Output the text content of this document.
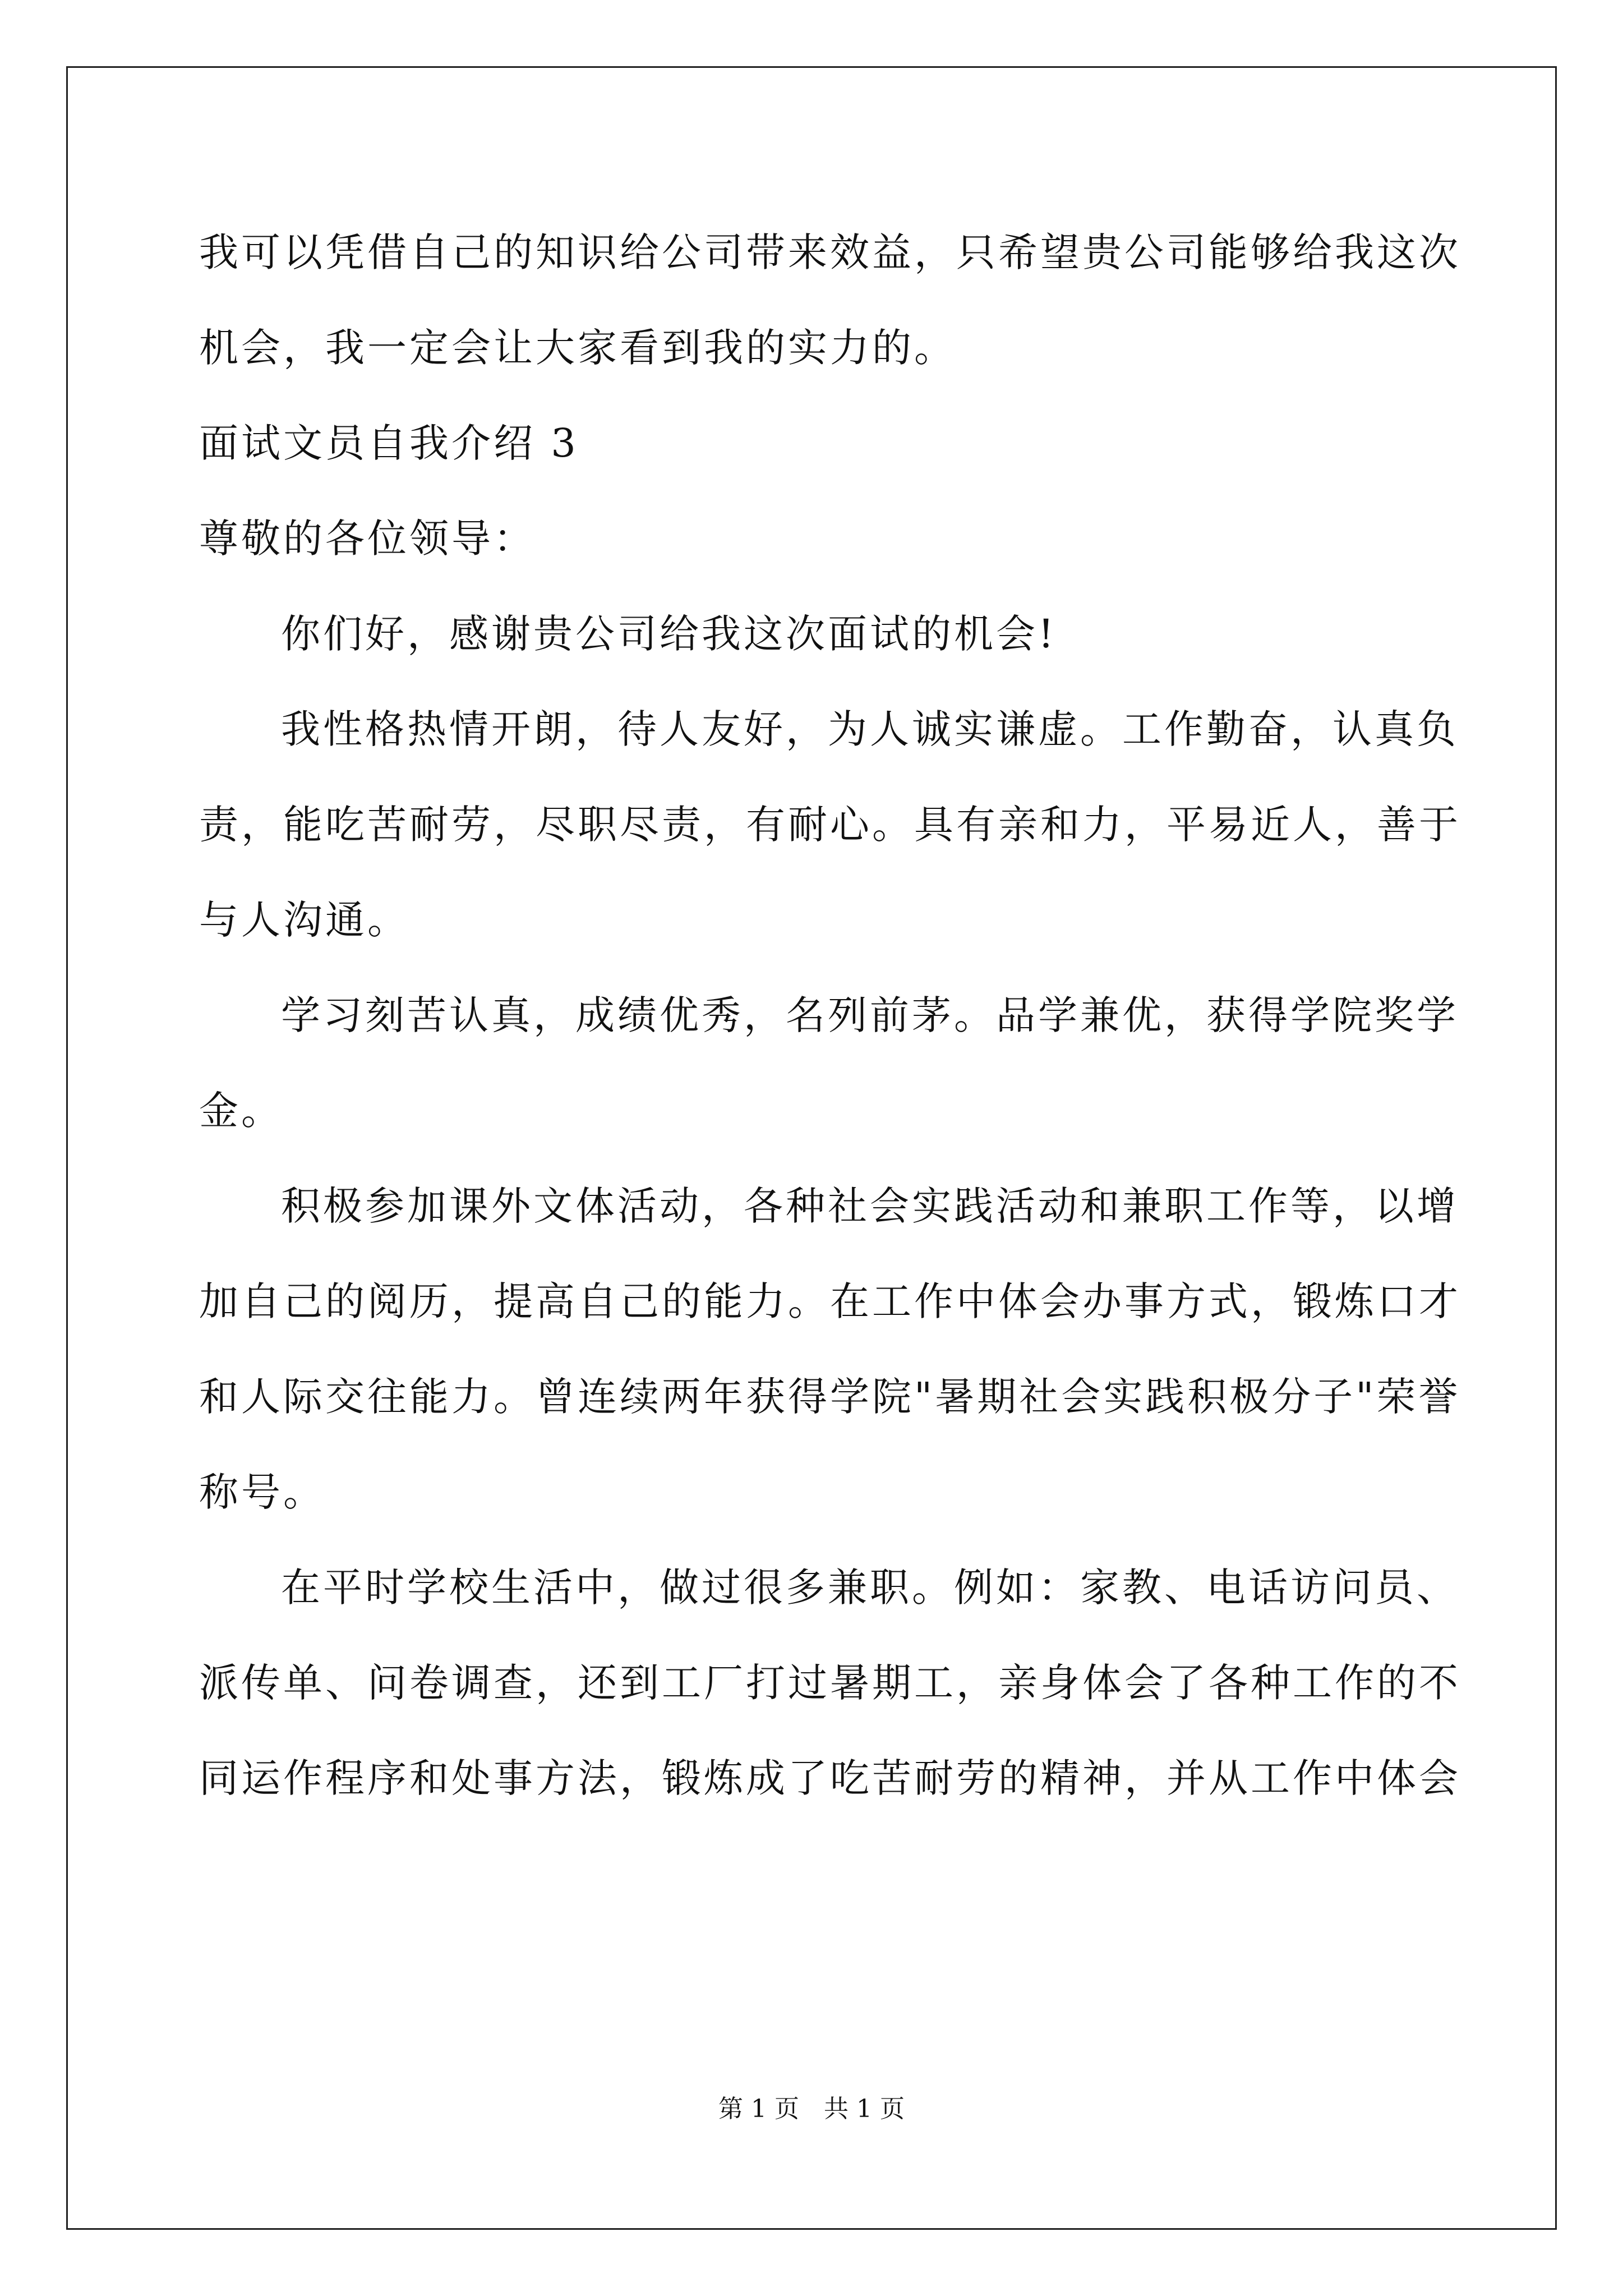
我可以凭借自己的知识给公司带来效益，只希望贵公司能够给我这次
机会，我一定会让大家看到我的实力的。
面试文员自我介绍 3
尊敬的各位领导：
你们好，感谢贵公司给我这次面试的机会!
我性格热情开朗，待人友好，为人诚实谦虚。工作勤奋，认真负
责，能吃苦耐劳，尽职尽责，有耐心。具有亲和力，平易近人，善于
与人沟通。
学习刻苦认真，成绩优秀，名列前茅。品学兼优，获得学院奖学
金。
积极参加课外文体活动，各种社会实践活动和兼职工作等，以增
加自己的阅历，提高自己的能力。在工作中体会办事方式，锻炼口才
和人际交往能力。曾连续两年获得学院"暑期社会实践积极分子"荣誉
称号。
在平时学校生活中，做过很多兼职。例如：家教、电话访问员、
派传单、问卷调查，还到工厂打过暑期工，亲身体会了各种工作的不
同运作程序和处事方法，锻炼成了吃苦耐劳的精神，并从工作中体会
第 1 页　共 1 页
